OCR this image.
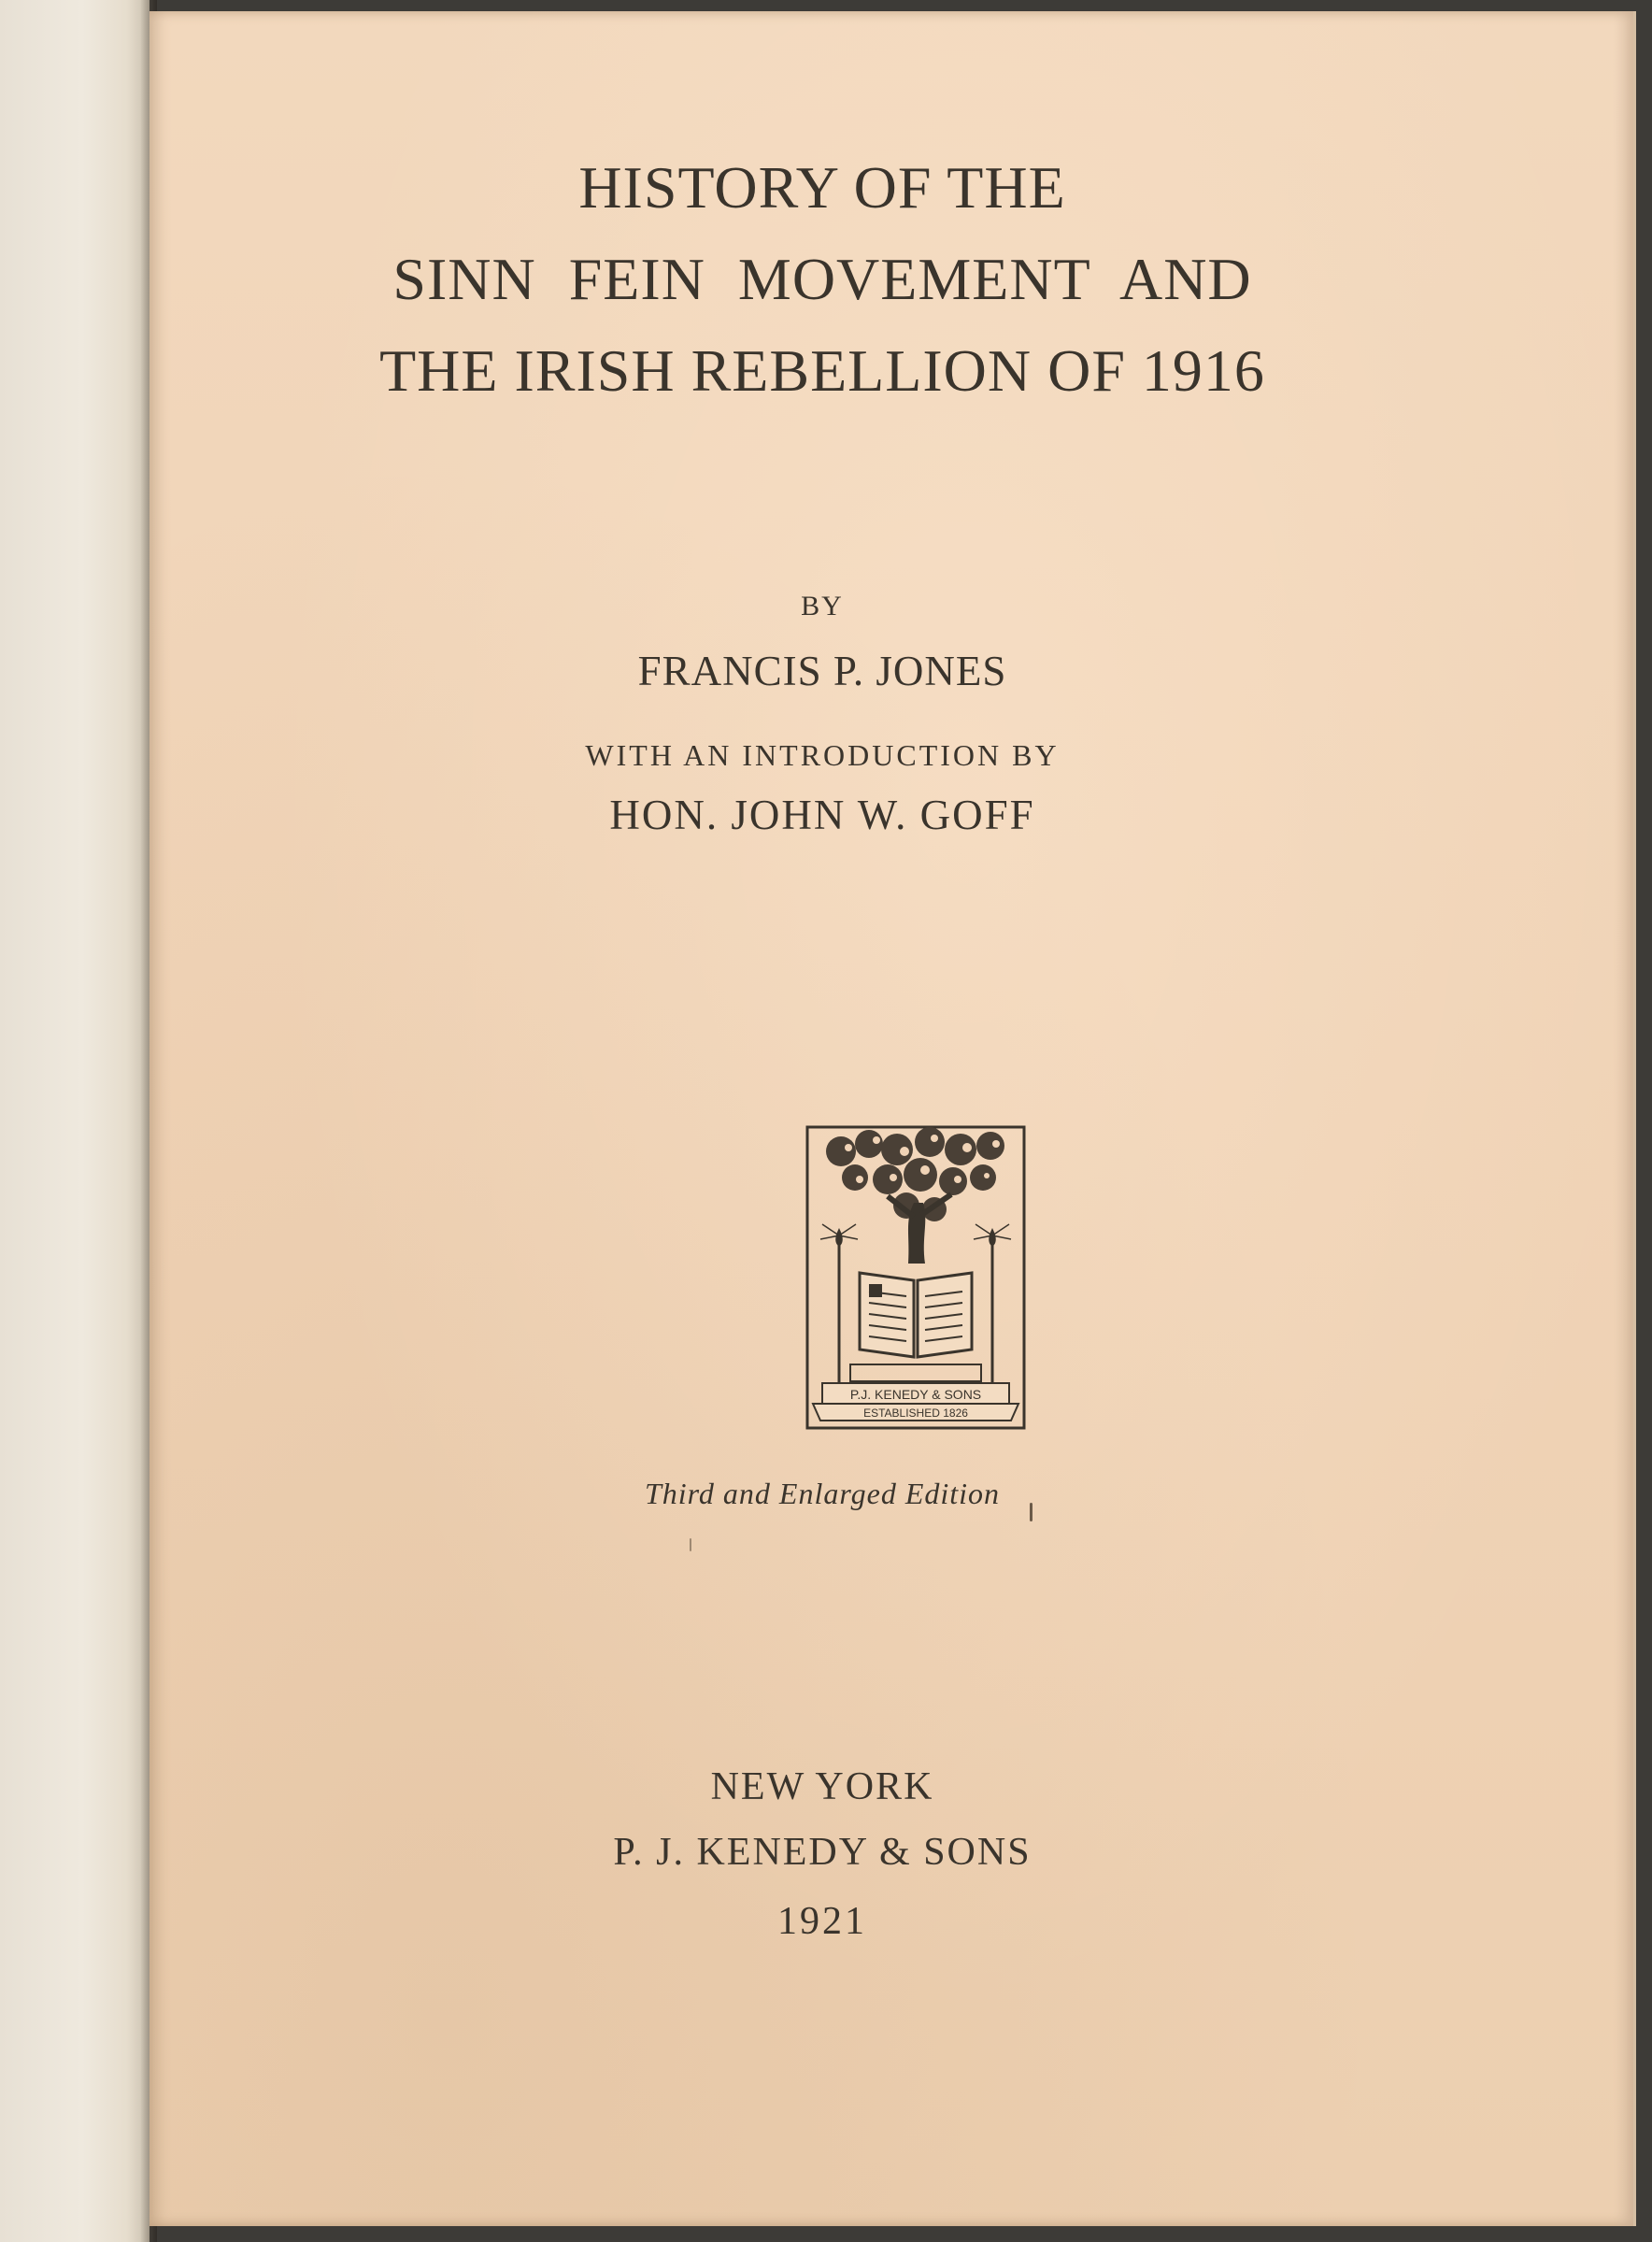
HISTORY OF THE
SINN FEIN MOVEMENT AND
THE IRISH REBELLION OF 1916
BY
FRANCIS P. JONES
WITH AN INTRODUCTION BY
HON. JOHN W. GOFF
P.J. KENEDY & SONS
ESTABLISHED 1826
Third and Enlarged Edition
NEW YORK
P. J. KENEDY & SONS
1921
